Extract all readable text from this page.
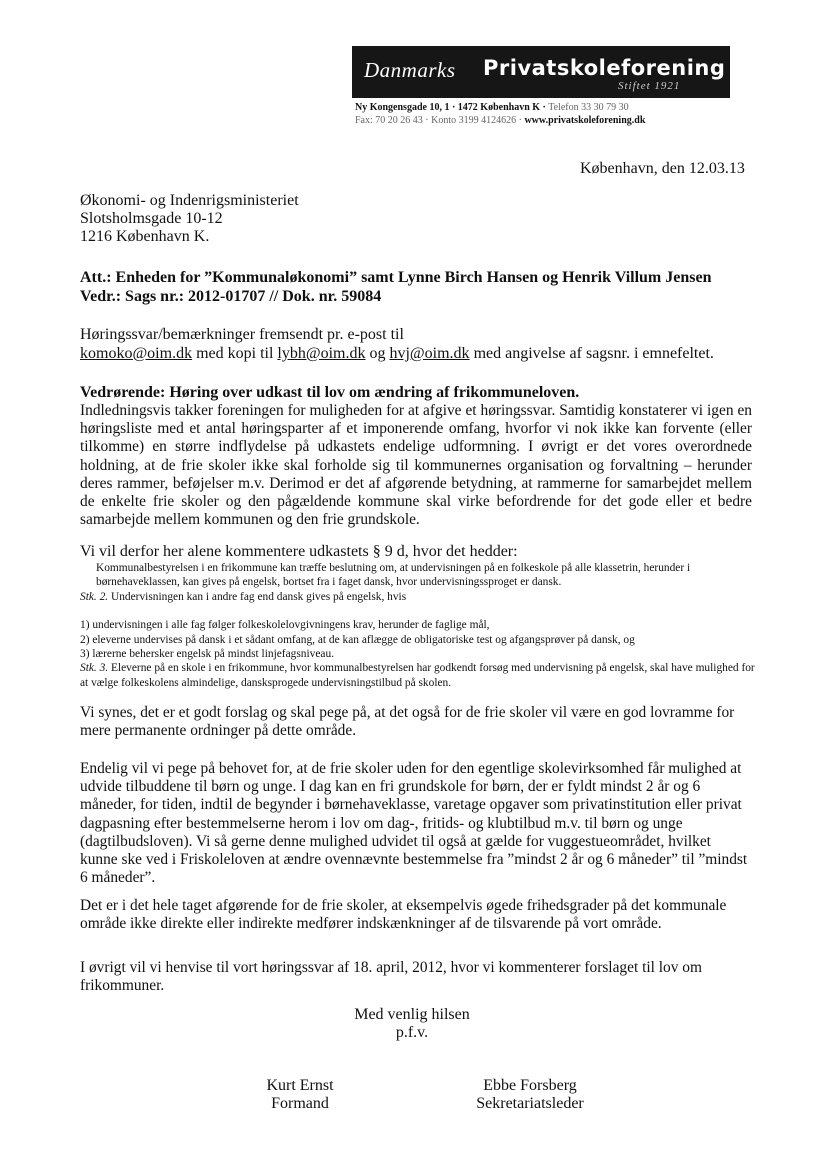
Danmarks Privatskoleforening
Stiftet 1921
Ny Kongensgade 10, 1 · 1472 København K · Telefon 33 30 79 30
Fax: 70 20 26 43 · Konto 3199 4124626 · www.privatskoleforening.dk
København, den 12.03.13
Økonomi- og Indenrigsministeriet
Slotsholmsgade 10-12
1216 København K.
Att.: Enheden for ”Kommunaløkonomi” samt Lynne Birch Hansen og Henrik Villum Jensen
Vedr.: Sags nr.: 2012-01707 // Dok. nr. 59084
Høringssvar/bemærkninger fremsendt pr. e-post til
komoko@oim.dk med kopi til lybh@oim.dk og hvj@oim.dk med angivelse af sagsnr. i emnefeltet.
Vedrørende: Høring over udkast til lov om ændring af frikommuneloven.
Indledningsvis takker foreningen for muligheden for at afgive et høringssvar. Samtidig konstaterer vi igen en høringsliste med et antal høringsparter af et imponerende omfang, hvorfor vi nok ikke kan forvente (eller tilkomme) en større indflydelse på udkastets endelige udformning. I øvrigt er det vores overordnede holdning, at de frie skoler ikke skal forholde sig til kommunernes organisation og forvaltning – herunder deres rammer, beføjelser m.v. Derimod er det af afgørende betydning, at rammerne for samarbejdet mellem de enkelte frie skoler og den pågældende kommune skal virke befordrende for det gode eller et bedre samarbejde mellem kommunen og den frie grundskole.
Vi vil derfor her alene kommentere udkastets § 9 d, hvor det hedder:
Kommunalbestyrelsen i en frikommune kan træffe beslutning om, at undervisningen på en folkeskole på alle klassetrin, herunder i børnehaveklassen, kan gives på engelsk, bortset fra i faget dansk, hvor undervisningssproget er dansk.
Stk. 2. Undervisningen kan i andre fag end dansk gives på engelsk, hvis
1) undervisningen i alle fag følger folkeskolelovgivningens krav, herunder de faglige mål,
2) eleverne undervises på dansk i et sådant omfang, at de kan aflægge de obligatoriske test og afgangsprøver på dansk, og
3) lærerne behersker engelsk på mindst linjefagsniveau.
Stk. 3. Eleverne på en skole i en frikommune, hvor kommunalbestyrelsen har godkendt forsøg med undervisning på engelsk, skal have mulighed for at vælge folkeskolens almindelige, dansksprogede undervisningstilbud på skolen.
Vi synes, det er et godt forslag og skal pege på, at det også for de frie skoler vil være en god lovramme for mere permanente ordninger på dette område.
Endelig vil vi pege på behovet for, at de frie skoler uden for den egentlige skolevirksomhed får mulighed at udvide tilbuddene til børn og unge. I dag kan en fri grundskole for børn, der er fyldt mindst 2 år og 6 måneder, for tiden, indtil de begynder i børnehaveklasse, varetage opgaver som privatinstitution eller privat dagpasning efter bestemmelserne herom i lov om dag-, fritids- og klubtilbud m.v. til børn og unge (dagtilbudsloven). Vi så gerne denne mulighed udvidet til også at gælde for vuggestueområdet, hvilket kunne ske ved i Friskoleloven at ændre ovennævnte bestemmelse fra ”mindst 2 år og 6 måneder” til ”mindst 6 måneder”.
Det er i det hele taget afgørende for de frie skoler, at eksempelvis øgede frihedsgrader på det kommunale område ikke direkte eller indirekte medfører indskænkninger af de tilsvarende på vort område.
I øvrigt vil vi henvise til vort høringssvar af 18. april, 2012, hvor vi kommenterer forslaget til lov om frikommuner.
Med venlig hilsen
p.f.v.
Kurt Ernst
Formand
Ebbe Forsberg
Sekretariatsleder
